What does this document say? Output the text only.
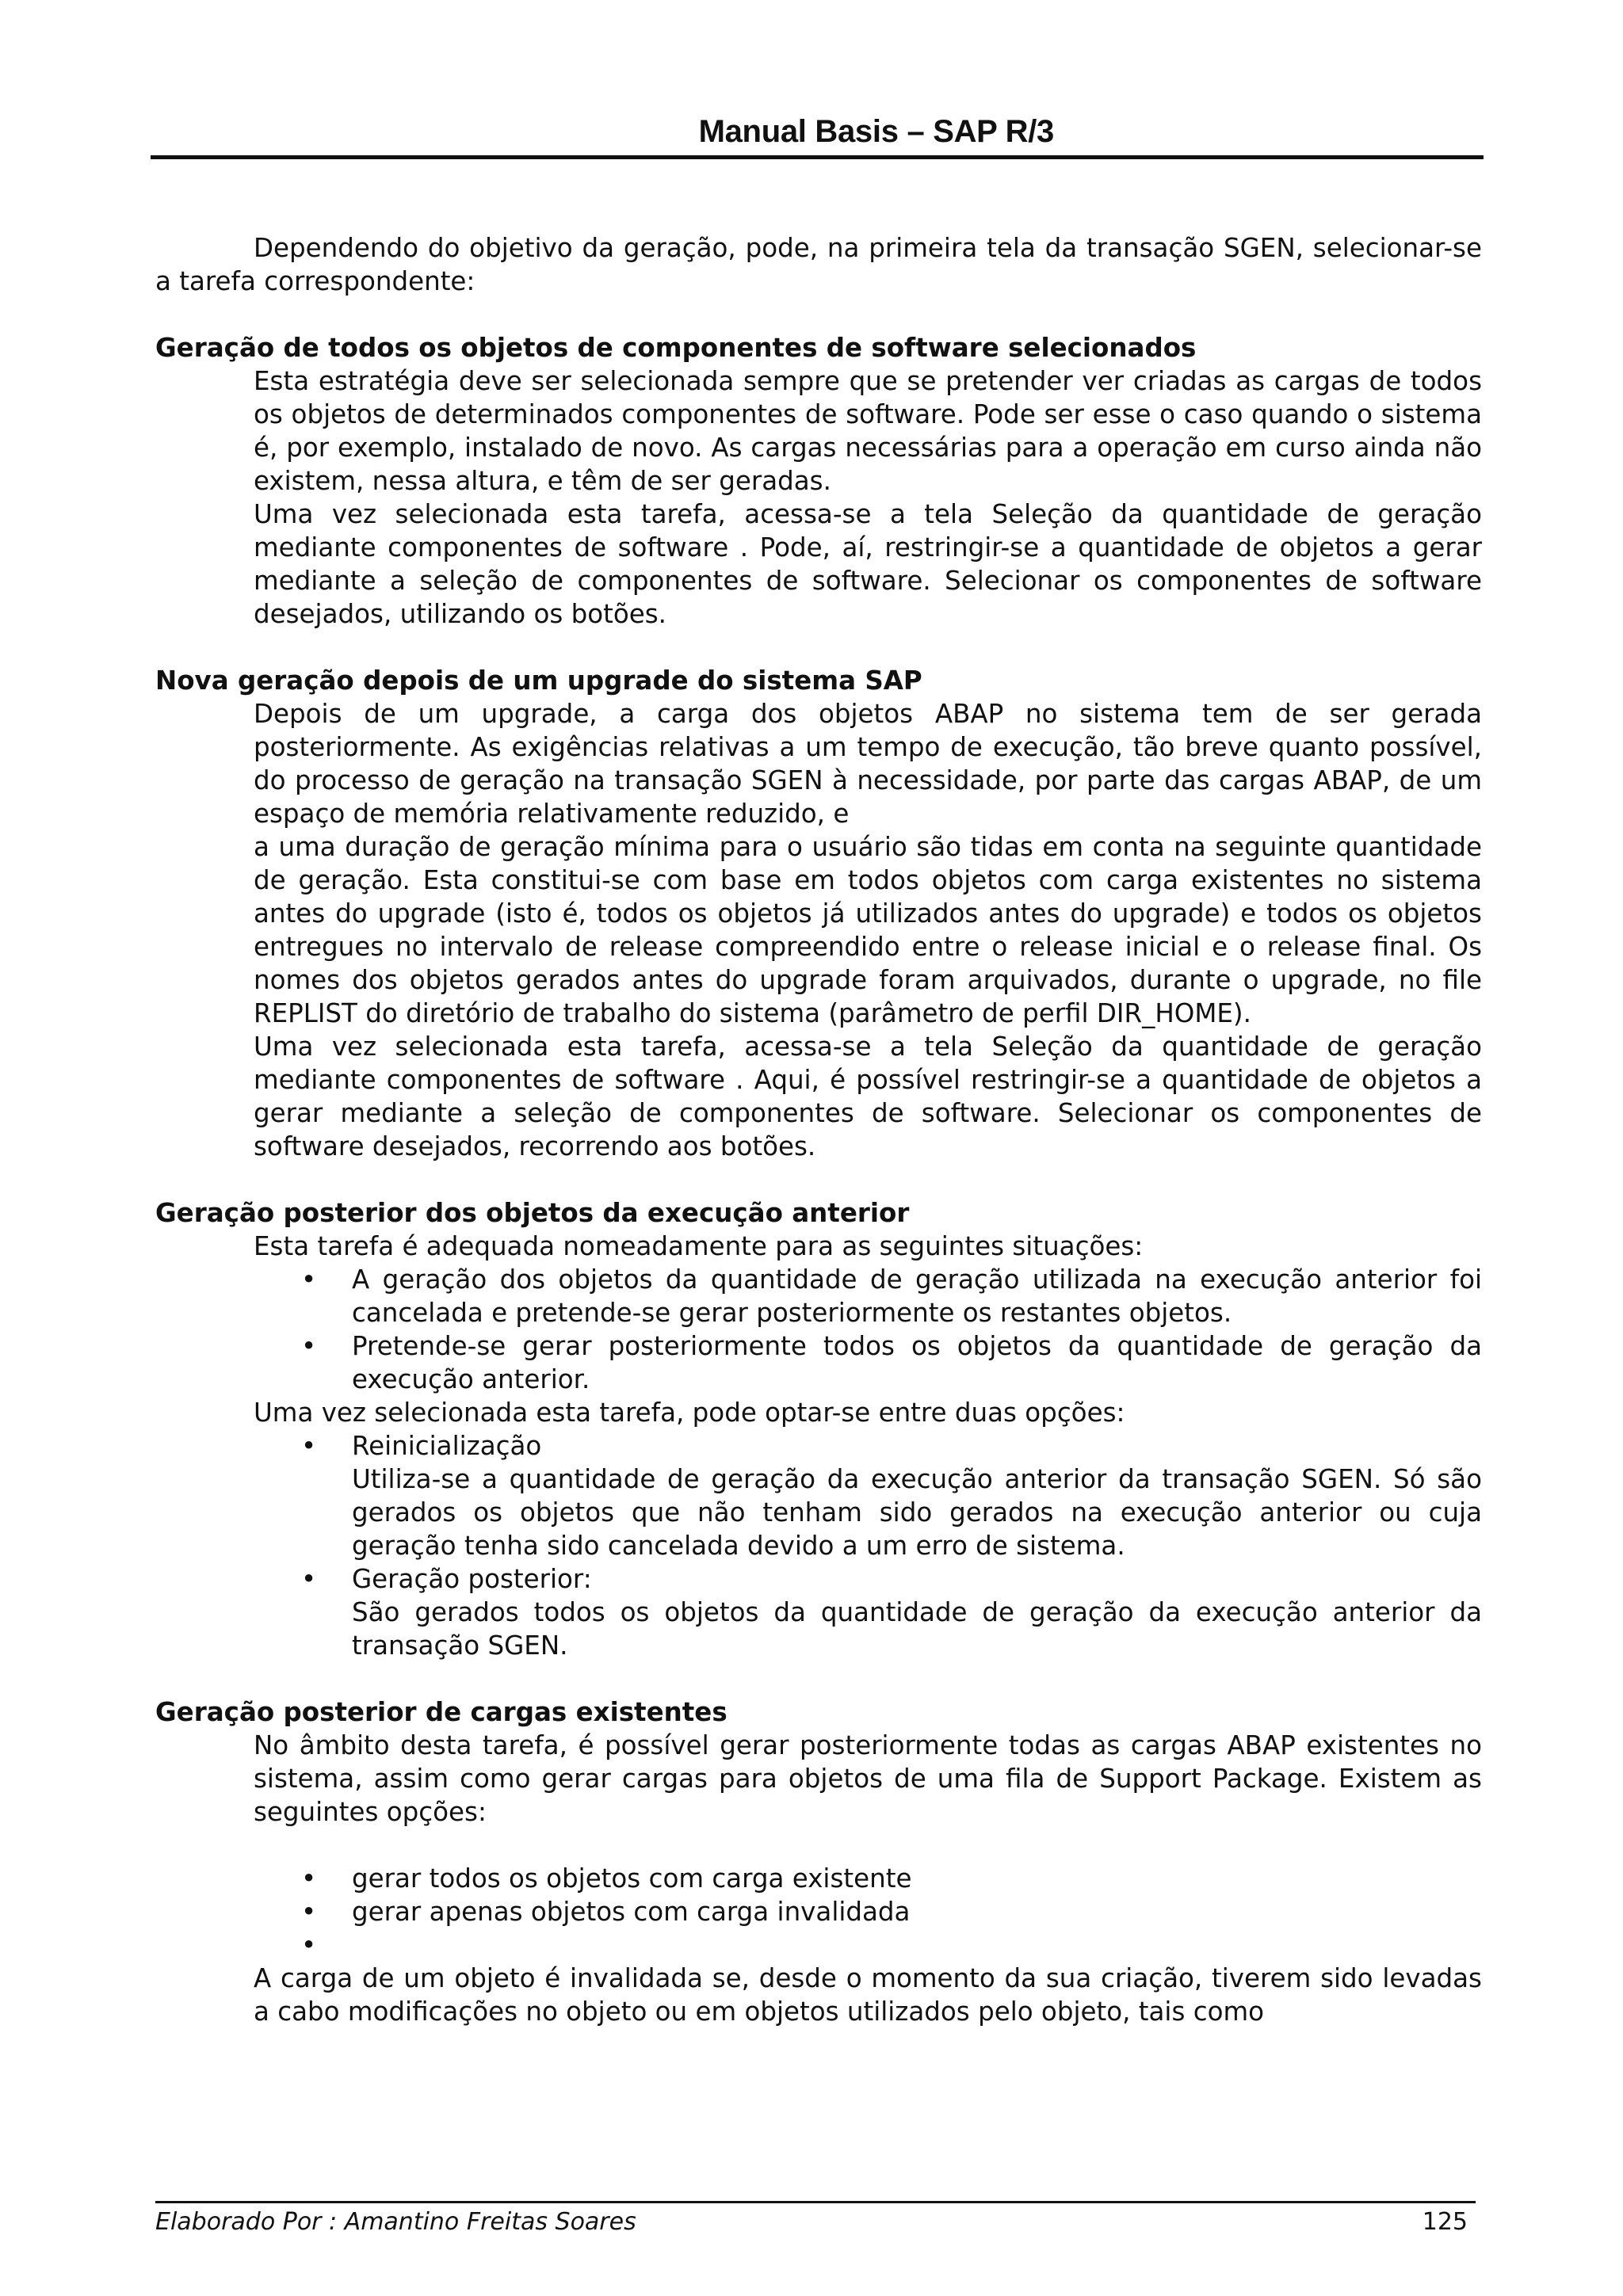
Manual Basis – SAP R/3

Dependendo do objetivo da geração, pode, na primeira tela da transação SGEN, selecionar-se a tarefa correspondente:

Geração de todos os objetos de componentes de software selecionados

Esta estratégia deve ser selecionada sempre que se pretender ver criadas as cargas de todos os objetos de determinados componentes de software. Pode ser esse o caso quando o sistema é, por exemplo, instalado de novo. As cargas necessárias para a operação em curso ainda não existem, nessa altura, e têm de ser geradas.

Uma vez selecionada esta tarefa, acessa-se a tela Seleção da quantidade de geração mediante componentes de software . Pode, aí, restringir-se a quantidade de objetos a gerar mediante a seleção de componentes de software. Selecionar os componentes de software desejados, utilizando os botões.

Nova geração depois de um upgrade do sistema SAP

Depois de um upgrade, a carga dos objetos ABAP no sistema tem de ser gerada posteriormente. As exigências relativas a um tempo de execução, tão breve quanto possível, do processo de geração na transação SGEN à necessidade, por parte das cargas ABAP, de um espaço de memória relativamente reduzido, e

a uma duração de geração mínima para o usuário são tidas em conta na seguinte quantidade de geração. Esta constitui-se com base em todos objetos com carga existentes no sistema antes do upgrade (isto é, todos os objetos já utilizados antes do upgrade) e todos os objetos entregues no intervalo de release compreendido entre o release inicial e o release final. Os nomes dos objetos gerados antes do upgrade foram arquivados, durante o upgrade, no file REPLIST do diretório de trabalho do sistema (parâmetro de perfil DIR_HOME).

Uma vez selecionada esta tarefa, acessa-se a tela Seleção da quantidade de geração mediante componentes de software . Aqui, é possível restringir-se a quantidade de objetos a gerar mediante a seleção de componentes de software. Selecionar os componentes de software desejados, recorrendo aos botões.

Geração posterior dos objetos da execução anterior

Esta tarefa é adequada nomeadamente para as seguintes situações:

• A geração dos objetos da quantidade de geração utilizada na execução anterior foi cancelada e pretende-se gerar posteriormente os restantes objetos.
• Pretende-se gerar posteriormente todos os objetos da quantidade de geração da execução anterior.

Uma vez selecionada esta tarefa, pode optar-se entre duas opções:

• Reinicialização
Utiliza-se a quantidade de geração da execução anterior da transação SGEN. Só são gerados os objetos que não tenham sido gerados na execução anterior ou cuja geração tenha sido cancelada devido a um erro de sistema.
• Geração posterior:
São gerados todos os objetos da quantidade de geração da execução anterior da transação SGEN.

Geração posterior de cargas existentes

No âmbito desta tarefa, é possível gerar posteriormente todas as cargas ABAP existentes no sistema, assim como gerar cargas para objetos de uma fila de Support Package. Existem as seguintes opções:

• gerar todos os objetos com carga existente
• gerar apenas objetos com carga invalidada
•

A carga de um objeto é invalidada se, desde o momento da sua criação, tiverem sido levadas a cabo modificações no objeto ou em objetos utilizados pelo objeto, tais como

Elaborado Por : Amantino Freitas Soares	125
